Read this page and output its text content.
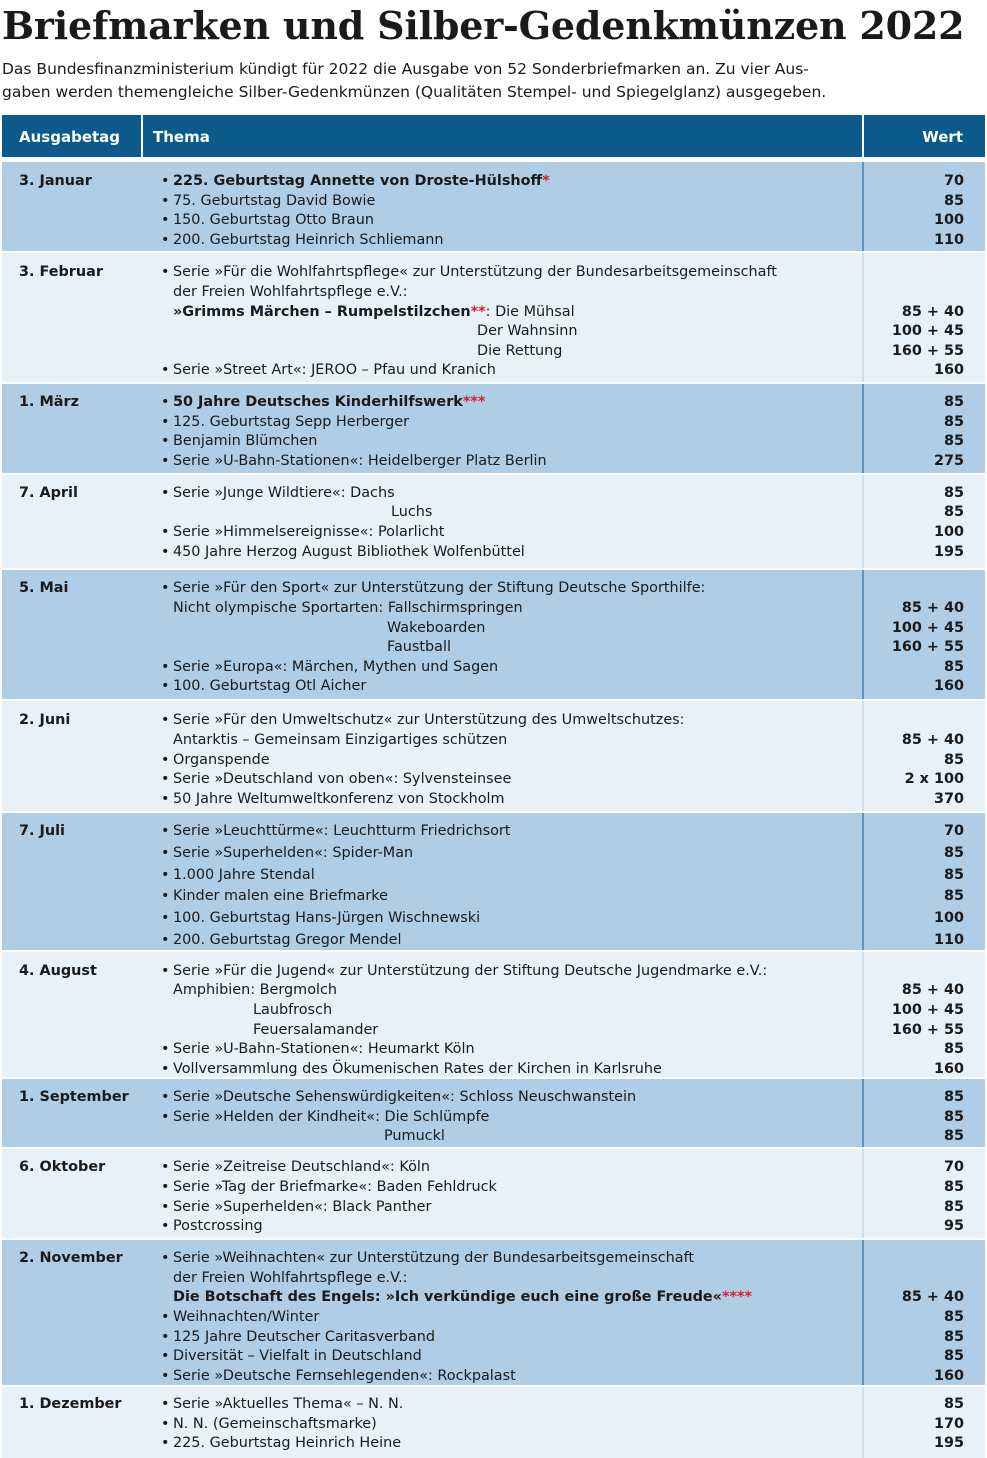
Briefmarken und Silber-Gedenkmünzen 2022
Das Bundesfinanzministerium kündigt für 2022 die Ausgabe von 52 Sonderbriefmarken an. Zu vier Aus-
gaben werden themengleiche Silber-Gedenkmünzen (Qualitäten Stempel- und Spiegelglanz) ausgegeben.
Ausgabetag Thema	Wert
3. Januar	• 225. Geburtstag Annette von Droste-Hülshoff*	70
• 75. Geburtstag David Bowie	85
• 150. Geburtstag Otto Braun	100
• 200. Geburtstag Heinrich Schliemann	110
3. Februar	• Serie »Für die Wohlfahrtspflege« zur Unterstützung der Bundesarbeitsgemeinschaft
der Freien Wohlfahrtspflege e.V.:
»Grimms Märchen – Rumpelstilzchen**: Die Mühsal	85 + 40
Der Wahnsinn	100 + 45
Die Rettung	160 + 55
• Serie »Street Art«: JEROO – Pfau und Kranich	160
1. März	• 50 Jahre Deutsches Kinderhilfswerk***	85
• 125. Geburtstag Sepp Herberger	85
• Benjamin Blümchen	85
• Serie »U-Bahn-Stationen«: Heidelberger Platz Berlin	275
7. April	• Serie »Junge Wildtiere«: Dachs	85
Luchs	85
• Serie »Himmelsereignisse«: Polarlicht	100
• 450 Jahre Herzog August Bibliothek Wolfenbüttel	195
5. Mai	• Serie »Für den Sport« zur Unterstützung der Stiftung Deutsche Sporthilfe:
Nicht olympische Sportarten: Fallschirmspringen	85 + 40
Wakeboarden	100 + 45
Faustball	160 + 55
• Serie »Europa«: Märchen, Mythen und Sagen	85
• 100. Geburtstag Otl Aicher	160
2. Juni	• Serie »Für den Umweltschutz« zur Unterstützung des Umweltschutzes:
Antarktis – Gemeinsam Einzigartiges schützen	85 + 40
• Organspende	85
• Serie »Deutschland von oben«: Sylvensteinsee	2 x 100
• 50 Jahre Weltumweltkonferenz von Stockholm	370
7. Juli	• Serie »Leuchttürme«: Leuchtturm Friedrichsort	70
• Serie »Superhelden«: Spider-Man	85
• 1.000 Jahre Stendal	85
• Kinder malen eine Briefmarke	85
• 100. Geburtstag Hans-Jürgen Wischnewski	100
• 200. Geburtstag Gregor Mendel	110
4. August	• Serie »Für die Jugend« zur Unterstützung der Stiftung Deutsche Jugendmarke e.V.:
Amphibien: Bergmolch	85 + 40
Laubfrosch	100 + 45
Feuersalamander	160 + 55
• Serie »U-Bahn-Stationen«: Heumarkt Köln	85
• Vollversammlung des Ökumenischen Rates der Kirchen in Karlsruhe	160
1. September • Serie »Deutsche Sehenswürdigkeiten«: Schloss Neuschwanstein	85
• Serie »Helden der Kindheit«: Die Schlümpfe	85
Pumuckl	85
6. Oktober	• Serie »Zeitreise Deutschland«: Köln	70
• Serie »Tag der Briefmarke«: Baden Fehldruck	85
• Serie »Superhelden«: Black Panther	85
• Postcrossing	95
2. November	• Serie »Weihnachten« zur Unterstützung der Bundesarbeitsgemeinschaft
der Freien Wohlfahrtspflege e.V.:
Die Botschaft des Engels: »Ich verkündige euch eine große Freude«****	85 + 40
• Weihnachten/Winter	85
• 125 Jahre Deutscher Caritasverband	85
• Diversität – Vielfalt in Deutschland	85
• Serie »Deutsche Fernsehlegenden«: Rockpalast	160
1. Dezember	• Serie »Aktuelles Thema« – N. N.	85
• N. N. (Gemeinschaftsmarke)	170
• 225. Geburtstag Heinrich Heine	195
